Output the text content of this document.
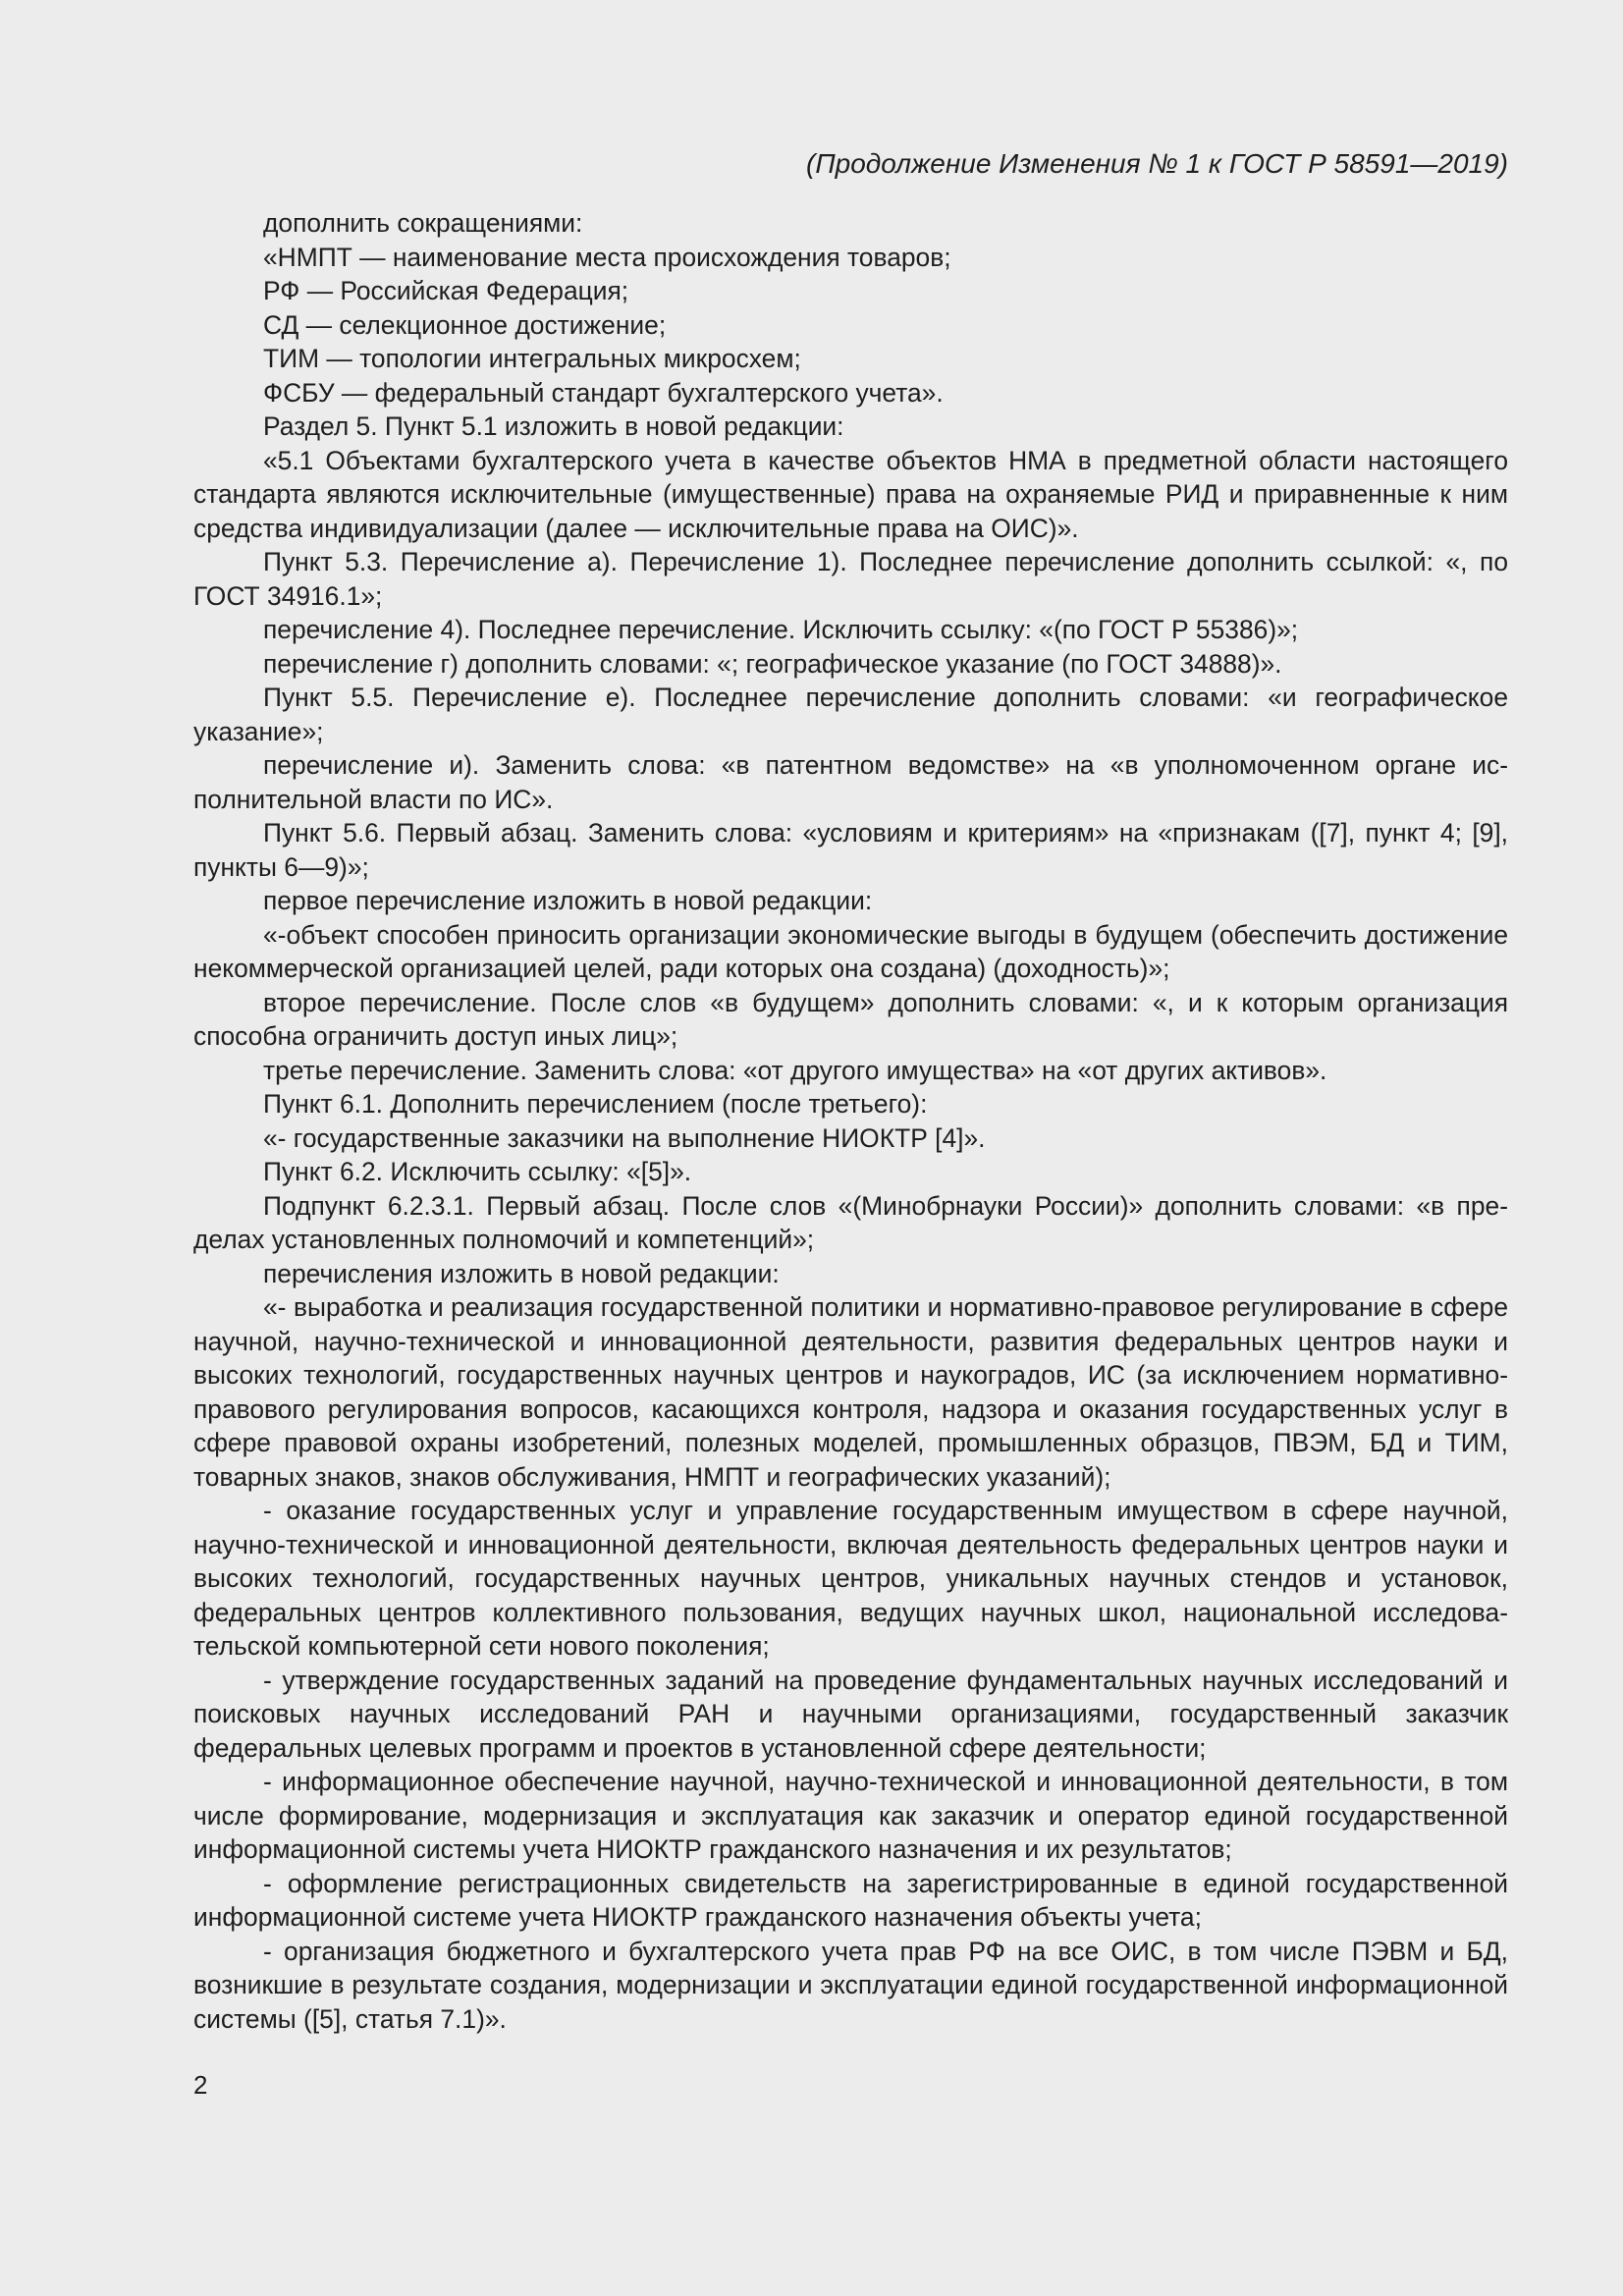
(Продолжение Изменения № 1 к ГОСТ Р 58591—2019)

дополнить сокращениями:

«НМПТ — наименование места происхождения товаров;

РФ — Российская Федерация;

СД — селекционное достижение;

ТИМ — топологии интегральных микросхем;

ФСБУ — федеральный стандарт бухгалтерского учета».

Раздел 5. Пункт 5.1 изложить в новой редакции:

«5.1 Объектами бухгалтерского учета в качестве объектов НМА в предметной области настоящего стандарта являются исключительные (имущественные) права на охраняемые РИД и приравненные к ним средства индивидуализации (далее — исключительные права на ОИС)».

Пункт 5.3. Перечисление а). Перечисление 1). Последнее перечисление дополнить ссылкой: «, по ГОСТ 34916.1»;

перечисление 4). Последнее перечисление. Исключить ссылку: «(по ГОСТ Р 55386)»;

перечисление г) дополнить словами: «; географическое указание (по ГОСТ 34888)».

Пункт 5.5. Перечисление е). Последнее перечисление дополнить словами: «и географическое указание»;

перечисление и). Заменить слова: «в патентном ведомстве» на «в уполномоченном органе исполнительной власти по ИС».

Пункт 5.6. Первый абзац. Заменить слова: «условиям и критериям» на «признакам ([7], пункт 4; [9], пункты 6—9)»;

первое перечисление изложить в новой редакции:

«-объект способен приносить организации экономические выгоды в будущем (обеспечить достижение некоммерческой организацией целей, ради которых она создана) (доходность)»;

второе перечисление. После слов «в будущем» дополнить словами: «, и к которым организация способна ограничить доступ иных лиц»;

третье перечисление. Заменить слова: «от другого имущества» на «от других активов».

Пункт 6.1. Дополнить перечислением (после третьего):

«- государственные заказчики на выполнение НИОКТР [4]».

Пункт 6.2. Исключить ссылку: «[5]».

Подпункт 6.2.3.1. Первый абзац. После слов «(Минобрнауки России)» дополнить словами: «в пределах установленных полномочий и компетенций»;

перечисления изложить в новой редакции:

«- выработка и реализация государственной политики и нормативно-правовое регулирование в сфере научной, научно-технической и инновационной деятельности, развития федеральных центров науки и высоких технологий, государственных научных центров и наукоградов, ИС (за исключением нормативно-правового регулирования вопросов, касающихся контроля, надзора и оказания государственных услуг в сфере правовой охраны изобретений, полезных моделей, промышленных образцов, ПВЭМ, БД и ТИМ, товарных знаков, знаков обслуживания, НМПТ и географических указаний);

- оказание государственных услуг и управление государственным имуществом в сфере научной, научно-технической и инновационной деятельности, включая деятельность федеральных центров науки и высоких технологий, государственных научных центров, уникальных научных стендов и установок, федеральных центров коллективного пользования, ведущих научных школ, национальной исследовательской компьютерной сети нового поколения;

- утверждение государственных заданий на проведение фундаментальных научных исследований и поисковых научных исследований РАН и научными организациями, государственный заказчик федеральных целевых программ и проектов в установленной сфере деятельности;

- информационное обеспечение научной, научно-технической и инновационной деятельности, в том числе формирование, модернизация и эксплуатация как заказчик и оператор единой государственной информационной системы учета НИОКТР гражданского назначения и их результатов;

- оформление регистрационных свидетельств на зарегистрированные в единой государственной информационной системе учета НИОКТР гражданского назначения объекты учета;

- организация бюджетного и бухгалтерского учета прав РФ на все ОИС, в том числе ПЭВМ и БД, возникшие в результате создания, модернизации и эксплуатации единой государственной информационной системы ([5], статья 7.1)».

2
